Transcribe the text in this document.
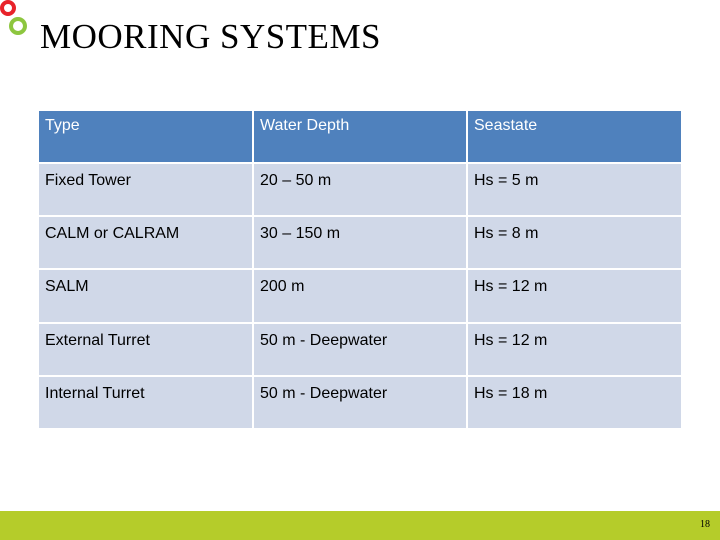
MOORING SYSTEMS
Type	Water Depth	Seastate
Fixed Tower	20 – 50 m	Hs = 5 m
CALM or CALRAM	30 – 150 m	Hs = 8 m
SALM	200 m	Hs = 12 m
External Turret	50 m - Deepwater	Hs = 12 m
Internal Turret	50 m - Deepwater	Hs = 18 m
18
